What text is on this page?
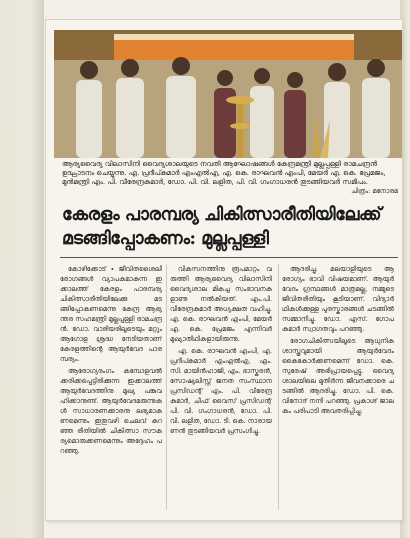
ആര്യവൈദ്യ വിലാസിനി വൈദ്യശാലയുടെ നവതി ആഘോഷങ്ങൾ കേന്ദ്രമന്ത്രി മുല്ലപ്പള്ളി രാമചന്ദ്രൻ ഉദ്ഘാടനം ചെയ്യുന്നു. എ. പ്രദീപ്കുമാർ എംഎൽഎ, എ. കെ. രാഘവൻ എംപി, മേയർ എ. കെ. പ്രേമജം, മുൻമന്ത്രി എം. പി. വീരേന്ദ്രകുമാർ, ഡോ. പി. വി. ലളിത, പി. വി. ഗംഗാധരൻ തുടങ്ങിയവർ സമീപം.
ചിത്രം: മനോരമ
കേരളം പാരമ്പര്യ ചികിത്സാരീതിയിലേക്ക്
മടങ്ങിപ്പോകണം: മുല്ലപ്പള്ളി

കോഴിക്കോട് ∙ ജീവിതശൈലീ രോഗങ്ങൾ വ്യാപകമാകുന്ന ഇക്കാലത്ത് കേരളം പാരമ്പര്യ ചികിത്സാരീതിയിലേക്കു മടങ്ങിപ്പോകണമെന്നു കേന്ദ്ര ആഭ്യന്തര സഹമന്ത്രി മുല്ലപ്പള്ളി രാമചന്ദ്രൻ. ഡോ. വാരിയരിലൂടെയും മറ്റും ആഗോള ശ്രദ്ധ നേടിയതാണ് കേരളത്തിന്റെ ആയുർവേദ പാരമ്പര്യം.

ആരോഗ്യരംഗം കമ്പോളവൽക്കരിക്കപ്പെട്ടിരിക്കുന്ന ഇക്കാലത്ത് ആയുർവേദത്തിനു മുഖ്യ പങ്കുവഹിക്കാനുണ്ട്. ആയുർവേദമരുന്നുകൾ സാധാരണക്കാരനു ലഭ്യമാകണമെന്നും ഇതുവഴി ചെലവ് കുറഞ്ഞ രീതിയിൽ ചികിത്സാ സൗകര്യമൊരുക്കണമെന്നും അദ്ദേഹം പറഞ്ഞു.

വികസനത്തിനു രൂപമാറ്റം വരുത്തി ആര്യവൈദ്യ വിലാസിനി വൈദ്യശാല മികച്ച സംഭാവനകളാണു നൽകിയത്. എം.പി. വീരേന്ദ്രകുമാർ അധ്യക്ഷത വഹിച്ചു. എ. കെ. രാഘവൻ എംപി, മേയർ എ. കെ. പ്രേമജം എന്നിവർ മുഖ്യാതിഥികളായിരുന്നു.

എ. കെ. രാഘവൻ എംപി, എ. പ്രദീപ്കുമാർ എംഎൽഎ, എം. സി. മായിൻഹാജി, എം. ഭാസ്കരൻ, സോഷ്യലിസ്റ്റ് ജനത സംസ്ഥാന പ്രസിഡന്റ് എം. പി. വീരേന്ദ്രകുമാർ, ചീഫ് വൈസ് പ്രസിഡന്റ് പി. വി. ഗംഗാധരൻ, ഡോ. പി. വി. ലളിത, ഡോ. ടി. കെ. നാരായണൻ തുടങ്ങിയവർ പ്രസംഗിച്ചു.

ആദരിച്ചു. മലയാളിയുടെ ആരോഗ്യം ഭാവി വിഷയമാണ്. ആയുർവേദം ഗ്രന്ഥങ്ങൾ മാത്രമല്ല, നമ്മുടെ ജീവിതരീതിയും കൂടിയാണ്. വിദ്യാർഥികൾക്കുള്ള പുരസ്കാരങ്ങൾ ചടങ്ങിൽ സമ്മാനിച്ചു. ഡോ. എസ്. ഗോപകുമാർ സ്വാഗതവും പറഞ്ഞു.

രോഗചികിത്സയിലൂടെ ആധുനിക ശാസ്ത്രവുമായി ആയുർവേദം കൈകോർക്കണമെന്ന് ഡോ. കെ. സുരേഷ് അഭിപ്രായപ്പെട്ടു. വൈദ്യശാലയിലെ മുതിർന്ന ജീവനക്കാരെ ചടങ്ങിൽ ആദരിച്ചു. ഡോ. പി. കെ. വിനോദ് നന്ദി പറഞ്ഞു. പ്രകാശ് ജാലകം പരിപാടി അവതരിപ്പിച്ചു.
